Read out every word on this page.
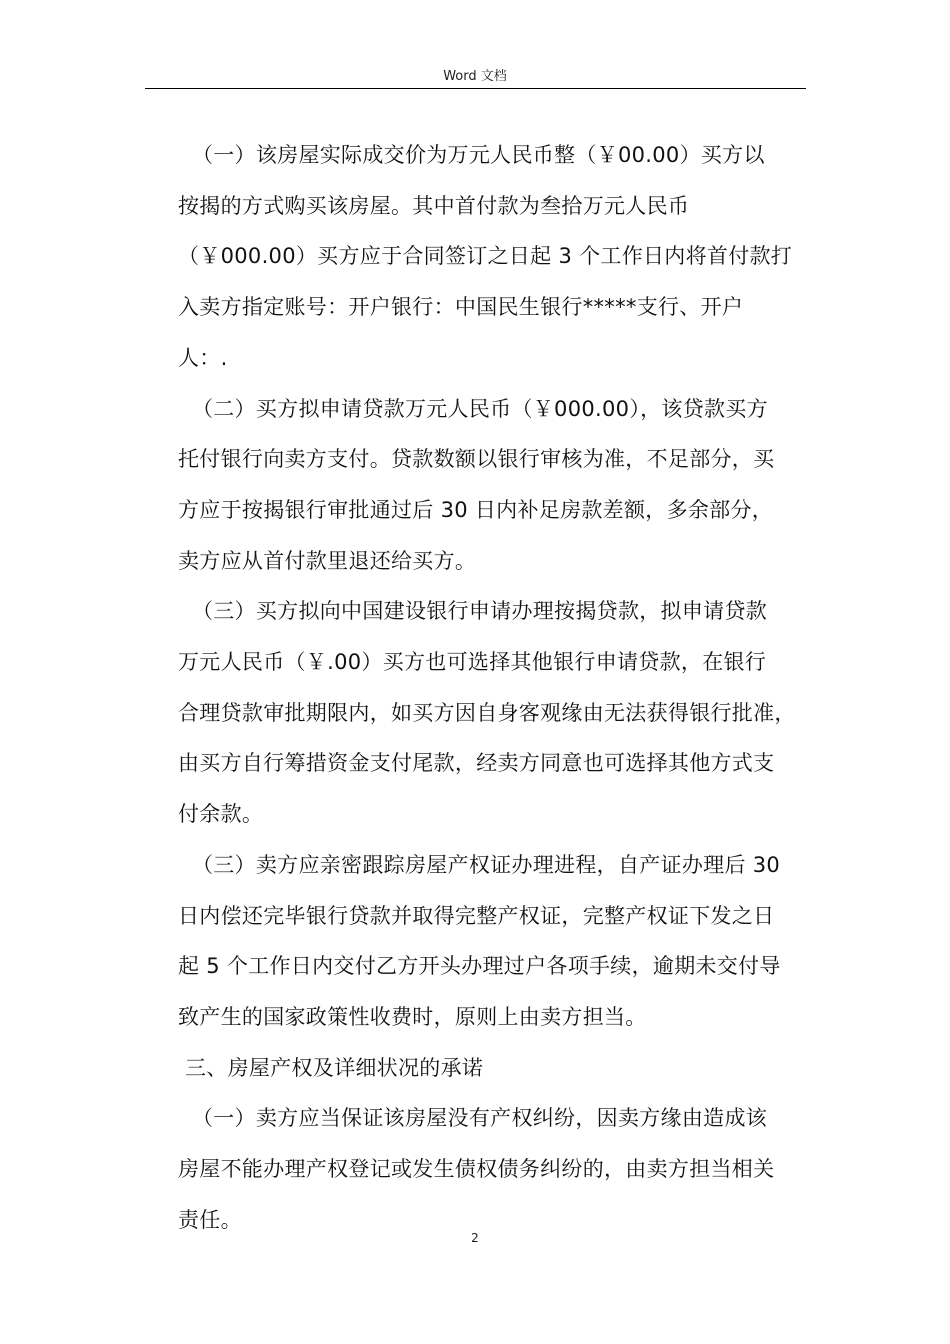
Word 文档

（一）该房屋实际成交价为万元人民币整（￥00.00）买方以
按揭的方式购买该房屋。其中首付款为叁拾万元人民币
（￥000.00）买方应于合同签订之日起 3 个工作日内将首付款打
入卖方指定账号：开户银行：中国民生银行*****支行、开户
人：.

（二）买方拟申请贷款万元人民币（￥000.00），该贷款买方
托付银行向卖方支付。贷款数额以银行审核为准，不足部分，买
方应于按揭银行审批通过后 30 日内补足房款差额，多余部分，
卖方应从首付款里退还给买方。

（三）买方拟向中国建设银行申请办理按揭贷款，拟申请贷款
万元人民币（￥.00）买方也可选择其他银行申请贷款，在银行
合理贷款审批期限内，如买方因自身客观缘由无法获得银行批准，
由买方自行筹措资金支付尾款，经卖方同意也可选择其他方式支
付余款。

（三）卖方应亲密跟踪房屋产权证办理进程，自产证办理后 30
日内偿还完毕银行贷款并取得完整产权证，完整产权证下发之日
起 5 个工作日内交付乙方开头办理过户各项手续，逾期未交付导
致产生的国家政策性收费时，原则上由卖方担当。

三、房屋产权及详细状况的承诺

（一）卖方应当保证该房屋没有产权纠纷，因卖方缘由造成该
房屋不能办理产权登记或发生债权债务纠纷的，由卖方担当相关
责任。

2
